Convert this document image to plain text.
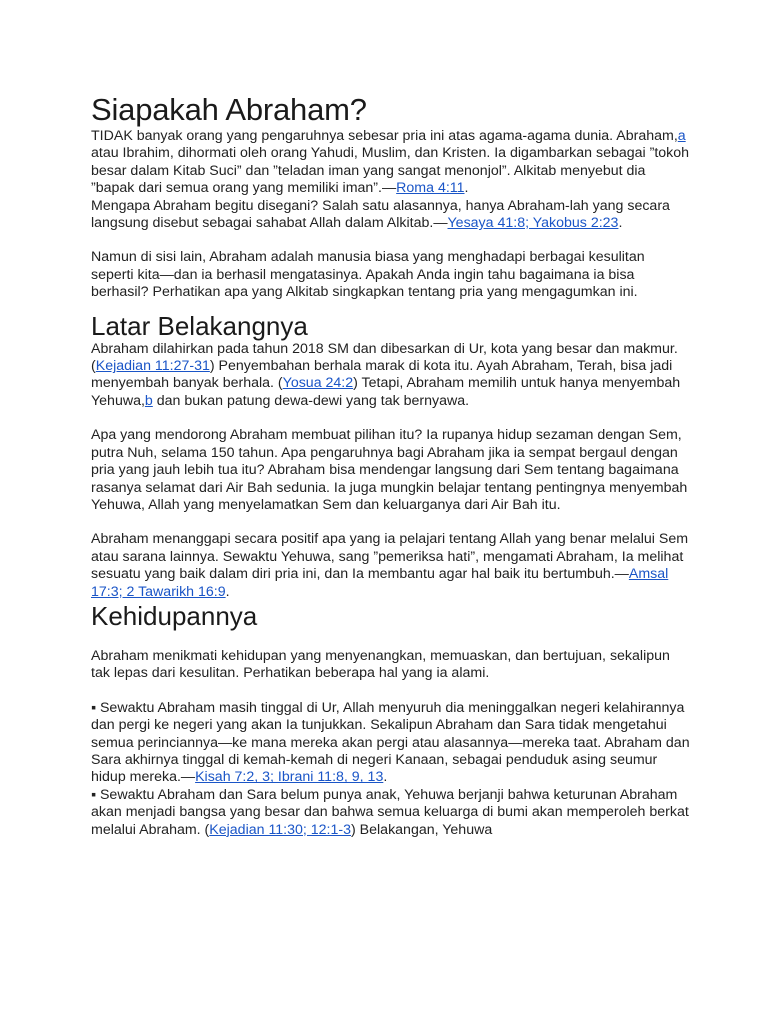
Siapakah Abraham?

TIDAK banyak orang yang pengaruhnya sebesar pria ini atas agama-agama dunia. Abraham,a atau Ibrahim, dihormati oleh orang Yahudi, Muslim, dan Kristen. Ia digambarkan sebagai ”tokoh besar dalam Kitab Suci” dan ”teladan iman yang sangat menonjol”. Alkitab menyebut dia ”bapak dari semua orang yang memiliki iman”.—Roma 4:11.

Mengapa Abraham begitu disegani? Salah satu alasannya, hanya Abraham-lah yang secara langsung disebut sebagai sahabat Allah dalam Alkitab.—Yesaya 41:8; Yakobus 2:23.

Namun di sisi lain, Abraham adalah manusia biasa yang menghadapi berbagai kesulitan seperti kita—dan ia berhasil mengatasinya. Apakah Anda ingin tahu bagaimana ia bisa berhasil? Perhatikan apa yang Alkitab singkapkan tentang pria yang mengagumkan ini.

Latar Belakangnya

Abraham dilahirkan pada tahun 2018 SM dan dibesarkan di Ur, kota yang besar dan makmur. (Kejadian 11:27-31) Penyembahan berhala marak di kota itu. Ayah Abraham, Terah, bisa jadi menyembah banyak berhala. (Yosua 24:2) Tetapi, Abraham memilih untuk hanya menyembah Yehuwa,b dan bukan patung dewa-dewi yang tak bernyawa.

Apa yang mendorong Abraham membuat pilihan itu? Ia rupanya hidup sezaman dengan Sem, putra Nuh, selama 150 tahun. Apa pengaruhnya bagi Abraham jika ia sempat bergaul dengan pria yang jauh lebih tua itu? Abraham bisa mendengar langsung dari Sem tentang bagaimana rasanya selamat dari Air Bah sedunia. Ia juga mungkin belajar tentang pentingnya menyembah Yehuwa, Allah yang menyelamatkan Sem dan keluarganya dari Air Bah itu.

Abraham menanggapi secara positif apa yang ia pelajari tentang Allah yang benar melalui Sem atau sarana lainnya. Sewaktu Yehuwa, sang ”pemeriksa hati”, mengamati Abraham, Ia melihat sesuatu yang baik dalam diri pria ini, dan Ia membantu agar hal baik itu bertumbuh.—Amsal 17:3; 2 Tawarikh 16:9.

Kehidupannya

Abraham menikmati kehidupan yang menyenangkan, memuaskan, dan bertujuan, sekalipun tak lepas dari kesulitan. Perhatikan beberapa hal yang ia alami.

▪ Sewaktu Abraham masih tinggal di Ur, Allah menyuruh dia meninggalkan negeri kelahirannya dan pergi ke negeri yang akan Ia tunjukkan. Sekalipun Abraham dan Sara tidak mengetahui semua perinciannya—ke mana mereka akan pergi atau alasannya—mereka taat. Abraham dan Sara akhirnya tinggal di kemah-kemah di negeri Kanaan, sebagai penduduk asing seumur hidup mereka.—Kisah 7:2, 3; Ibrani 11:8, 9, 13.

▪ Sewaktu Abraham dan Sara belum punya anak, Yehuwa berjanji bahwa keturunan Abraham akan menjadi bangsa yang besar dan bahwa semua keluarga di bumi akan memperoleh berkat melalui Abraham. (Kejadian 11:30; 12:1-3) Belakangan, Yehuwa
